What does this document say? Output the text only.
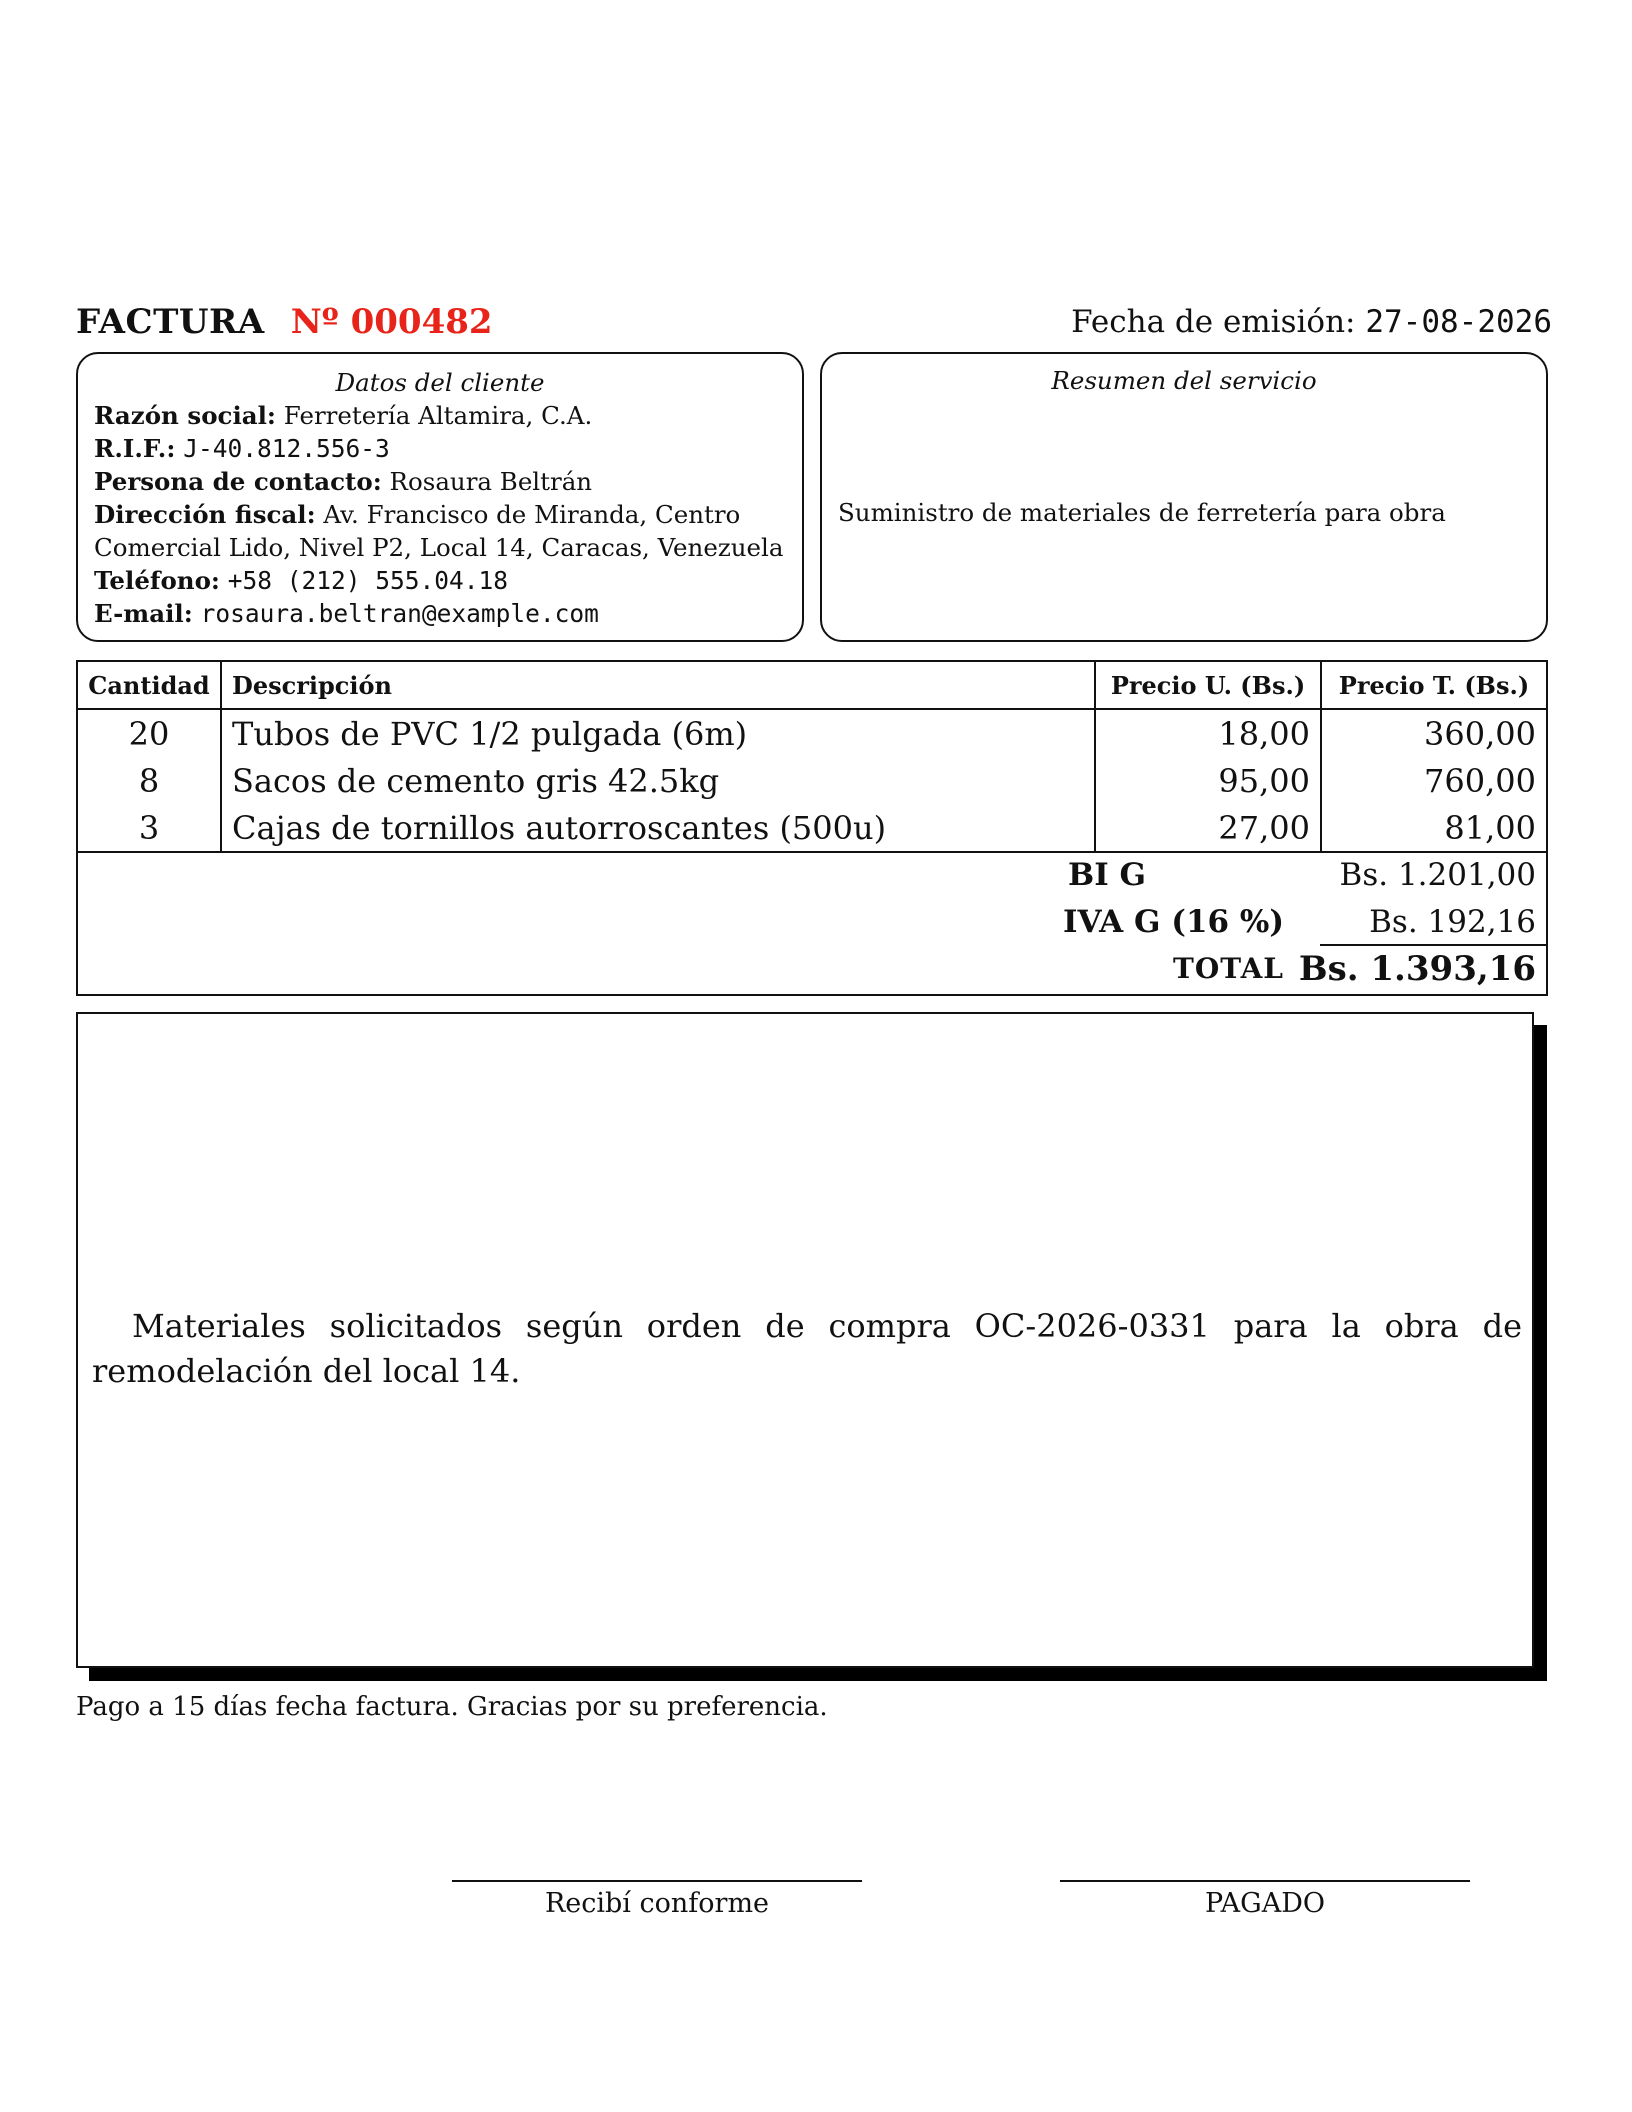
FACTURA Nº 000482	Fecha de emisión: 27-08-2026
Datos del cliente
Razón social: Ferretería Altamira, C.A.
R.I.F.: J-40.812.556-3
Persona de contacto: Rosaura Beltrán
Dirección fiscal: Av. Francisco de Miranda, Centro
Comercial Lido, Nivel P2, Local 14, Caracas, Venezuela
Teléfono: +58 (212) 555.04.18
E-mail: rosaura.beltran@example.com
Resumen del servicio
Suministro de materiales de ferretería para obra
Cantidad	Descripción	Precio U. (Bs.)	Precio T. (Bs.)
20	Tubos de PVC 1/2 pulgada (6m)	18,00	360,00
8	Sacos de cemento gris 42.5kg	95,00	760,00
3	Cajas de tornillos autorroscantes (500u)	27,00	81,00
BI G	Bs. 1.201,00
IVA G (16 %)	Bs. 192,16
TOTAL Bs. 1.393,16
Materiales solicitados según orden de compra OC-2026-0331 para la obra de remodelación del local 14.
Pago a 15 días fecha factura. Gracias por su preferencia.
Recibí conforme	PAGADO
